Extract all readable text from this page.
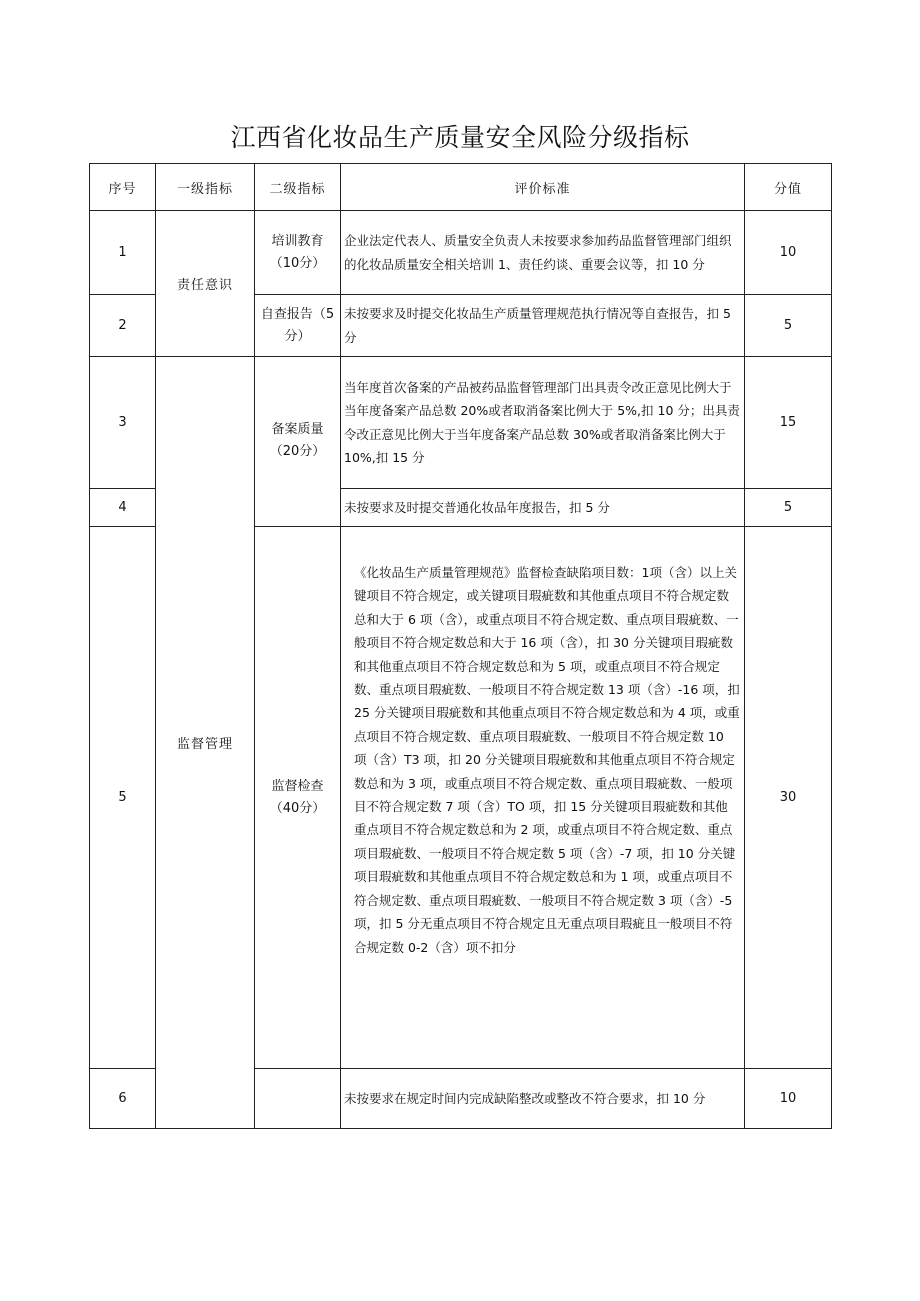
江西省化妆品生产质量安全风险分级指标
序号	一级指标	二级指标	评价标准	分值
1	责任意识	培训教育（10分）	企业法定代表人、质量安全负责人未按要求参加药品监督管理部门组织的化妆品质量安全相关培训 1、责任约谈、重要会议等，扣 10 分	10
2		自查报告（5分）	未按要求及时提交化妆品生产质量管理规范执行情况等自查报告，扣 5 分	5
3	监督管理	备案质量（20分）	当年度首次备案的产品被药品监督管理部门出具责令改正意见比例大于当年度备案产品总数 20%或者取消备案比例大于 5%,扣 10 分；出具责令改正意见比例大于当年度备案产品总数 30%或者取消备案比例大于 10%,扣 15 分	15
4			未按要求及时提交普通化妆品年度报告，扣 5 分	5
5		监督检查（40分）	《化妆品生产质量管理规范》监督检查缺陷项目数：1项（含）以上关键项目不符合规定，或关键项目瑕疵数和其他重点项目不符合规定数总和大于 6 项（含），或重点项目不符合规定数、重点项目瑕疵数、一般项目不符合规定数总和大于 16 项（含），扣 30 分关键项目瑕疵数和其他重点项目不符合规定数总和为 5 项，或重点项目不符合规定数、重点项目瑕疵数、一般项目不符合规定数 13 项（含）-16 项，扣 25 分关键项目瑕疵数和其他重点项目不符合规定数总和为 4 项，或重点项目不符合规定数、重点项目瑕疵数、一般项目不符合规定数 10 项（含）T3 项，扣 20 分关键项目瑕疵数和其他重点项目不符合规定数总和为 3 项，或重点项目不符合规定数、重点项目瑕疵数、一般项目不符合规定数 7 项（含）TO 项，扣 15 分关键项目瑕疵数和其他重点项目不符合规定数总和为 2 项，或重点项目不符合规定数、重点项目瑕疵数、一般项目不符合规定数 5 项（含）-7 项，扣 10 分关键项目瑕疵数和其他重点项目不符合规定数总和为 1 项，或重点项目不符合规定数、重点项目瑕疵数、一般项目不符合规定数 3 项（含）-5 项，扣 5 分无重点项目不符合规定且无重点项目瑕疵且一般项目不符合规定数 0-2（含）项不扣分	30
6			未按要求在规定时间内完成缺陷整改或整改不符合要求，扣 10 分	10
